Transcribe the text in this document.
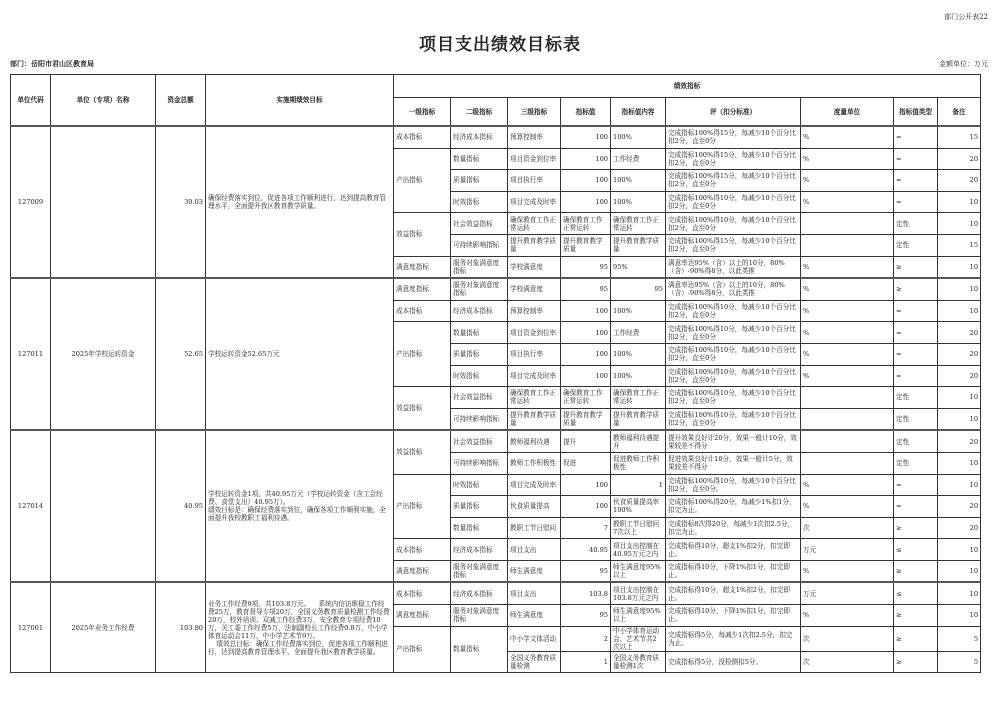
部门公开表22
项目支出绩效目标表
部门：岳阳市君山区教育局	金额单位：万元
单位代码	单位（专项）名称	资金总额	实施期绩效目标	绩效指标								
				一级指标	二级指标	三级指标	指标值	指标值内容	评（扣分标准）	度量单位	指标值类型	备注
127009		30.03	确保经费落实到位，促进各项工作顺利进行，达到提高教育管理水平，全面提升我区教育教学质量。	成本指标	经济成本指标	预算控制率	100	100%	完成指标100%得15分，每减少10个百分比扣2分，直至0分	%	=	15
				产出指标	数量指标	项目资金到位率	100	工作经费	完成指标100%得15分，每减少10个百分比扣2分，直至0分	%	=	20
					质量指标	项目执行率	100	100%	完成指标100%得15分，每减少10个百分比扣2分，直至0分	%	=	20
					时效指标	项目完成及时率	100	100%	完成指标100%得10分，每减少10个百分比扣2分，直至0分	%	=	10
				效益指标	社会效益指标	确保教育工作正常运转	确保教育工作正常运转	确保教育工作正常运转	完成指标100%得10分，每减少10个百分比扣2分，直至0分		定性	10
					可持续影响指标	提升教育教学质量	提升教育教学质量	提升教育教学质量	完成指标100%得15分，每减少10个百分比扣2分，直至0分		定性	15
				满意度指标	服务对象满意度指标	学校满意度	95	95%	满意率达95%（含）以上的10分，80%（含）-90%得8分，以此类推	%	≥	10
127011	2025年学校运转资金	52.65	学校运转资金52.65万元	满意度指标	服务对象满意度指标	学校满意度	95	95	满意率达95%（含）以上的10分，80%（含）-90%得8分，以此类推	%	≥	10
				成本指标	经济成本指标	预算控制率	100	100%	完成指标100%得10分，每减少10个百分比扣2分，直至0分	%	=	10
				产出指标	数量指标	项目资金到位率	100	工作经费	完成指标100%得10分，每减少10个百分比扣2分，直至0分	%	=	20
					质量指标	项目执行率	100	100%	完成指标100%得10分，每减少10个百分比扣2分，直至0分	%	=	20
					时效指标	项目完成及时率	100	100%	完成指标100%得10分，每减少10个百分比扣2分，直至0分	%	=	20
				效益指标	社会效益指标	确保教育工作正常运转	确保教育工作正常运转	确保教育工作正常运转	完成指标100%得10分，每减少10个百分比扣2分，直至0分		定性	10
					可持续影响指标	提升教育教学质量	提升教育教学质量	提升教育教学质量	完成指标100%得10分，每减少10个百分比扣2分，直至0分		定性	10
127014		40.95	学校运转资金1项，共40.95万元（学校运转资金（含工会经费、食堂支出）40.95万）。
绩效目标是：确保经费落实到位，确保各项工作顺利实施，全面提升我校教职工福利待遇。	效益指标	社会效益指标	教师福利待遇	提升	教师福利待遇提升	提升效果良好计20分，效果一般计10分，效果较差不得分		定性	20
					可持续影响指标	教师工作积极性	促进	促进教师工作积极性	促进效果良好计10分，效果一般计5分，效果较差不得分		定性	10
				产出指标	时效指标	项目完成及时率	100	1	完成指标100%得10分，每减少10个百分比扣2分，直至0分。	%	=	10
					质量指标	伙食质量提高	100	伙食质量提高率100%	完成指标100%得20分，每减少1%扣1分，扣完为止。	%	=	20
					数量指标	教职工节日慰问	7	教职工节日慰问7次以上	完成指标8次得20分，每减少1次扣2.5分，扣完为止。	次	≥	20
				成本指标	经济成本指标	项目支出	40.95	项目支出控制在40.95万元之内	完成指标得10分，超支1%扣2分，扣完即止。	万元	≤	10
				满意度指标	服务对象满意度指标	师生满意度	95	师生满意度95%以上	完成指标得10分，下降1%扣1分，扣完即止。	%	≥	10
127001	2025年业务工作经费	103.80	业务工作经费9项，共103.8万元。    系统内信访维稳工作经费25万，教育督导专项20万，全国义务教育质量检测工作经费20万，校外培训、双减工作经费3万，安全教育专项经费10万，关工委工作经费5万，法制副校长工作经费0.8万，中小学体育运动会11万，中小学艺术节9万。
绩效总目标：确保工作经费落实到位，促进各项工作顺利进行，达到提高教育管理水平，全面提升我区教育教学质量。	成本指标	经济成本指标	项目支出	103.8	项目支出控制在103.8万元之内	完成指标得10分，超支1%扣2分，扣完即止。	万元	≤	10
				满意度指标	服务对象满意度指标	师生满意度	95	师生满意度95%以上	完成指标得10分，下降1%扣1分，扣完即止。	%	≥	10
				产出指标	数量指标	中小学文体活动	2	中小学体育运动会、艺术节共2次以上	完成指标得5分，每减少1次扣2.5分，扣完为止。	次	≥	5
						全国义务教育质量检测	1	全国义务教育质量检测1次	完成指标得5分，没检测扣5分。	次	≥	5
